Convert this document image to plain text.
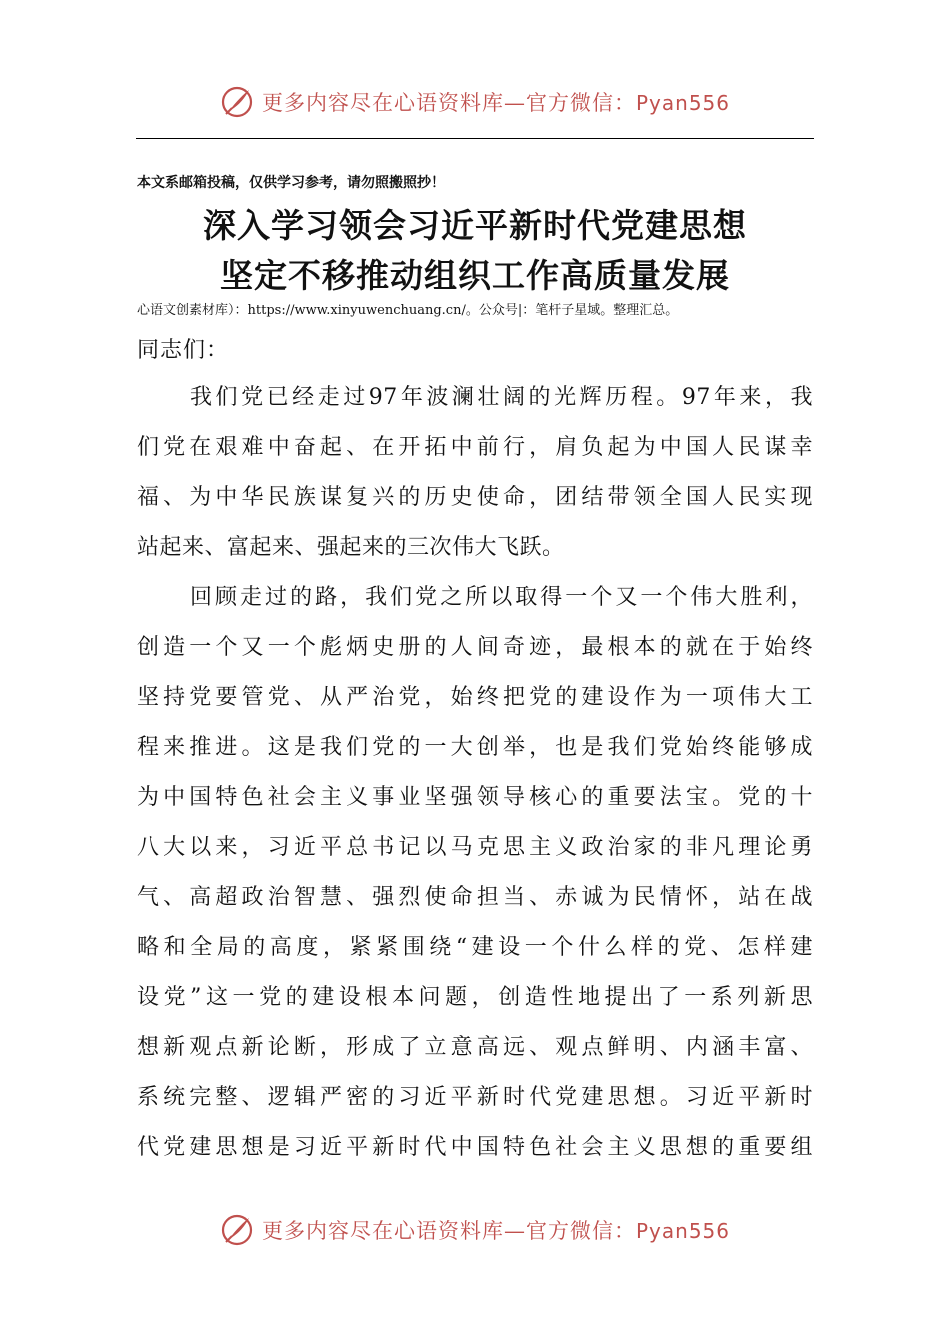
更多内容尽在心语资料库—官方微信：Pyan556
本文系邮箱投稿，仅供学习参考，请勿照搬照抄！
深入学习领会习近平新时代党建思想
坚定不移推动组织工作高质量发展
心语文创素材库）：https://www.xinyuwenchuang.cn/。公众号|：笔杆子星域。整理汇总。
同志们：
我们党已经走过97年波澜壮阔的光辉历程。97年来，我
们党在艰难中奋起、在开拓中前行，肩负起为中国人民谋幸
福、为中华民族谋复兴的历史使命，团结带领全国人民实现
站起来、富起来、强起来的三次伟大飞跃。
回顾走过的路，我们党之所以取得一个又一个伟大胜利，
创造一个又一个彪炳史册的人间奇迹，最根本的就在于始终
坚持党要管党、从严治党，始终把党的建设作为一项伟大工
程来推进。这是我们党的一大创举，也是我们党始终能够成
为中国特色社会主义事业坚强领导核心的重要法宝。党的十
八大以来，习近平总书记以马克思主义政治家的非凡理论勇
气、高超政治智慧、强烈使命担当、赤诚为民情怀，站在战
略和全局的高度，紧紧围绕“建设一个什么样的党、怎样建
设党”这一党的建设根本问题，创造性地提出了一系列新思
想新观点新论断，形成了立意高远、观点鲜明、内涵丰富、
系统完整、逻辑严密的习近平新时代党建思想。习近平新时
代党建思想是习近平新时代中国特色社会主义思想的重要组
更多内容尽在心语资料库—官方微信：Pyan556
